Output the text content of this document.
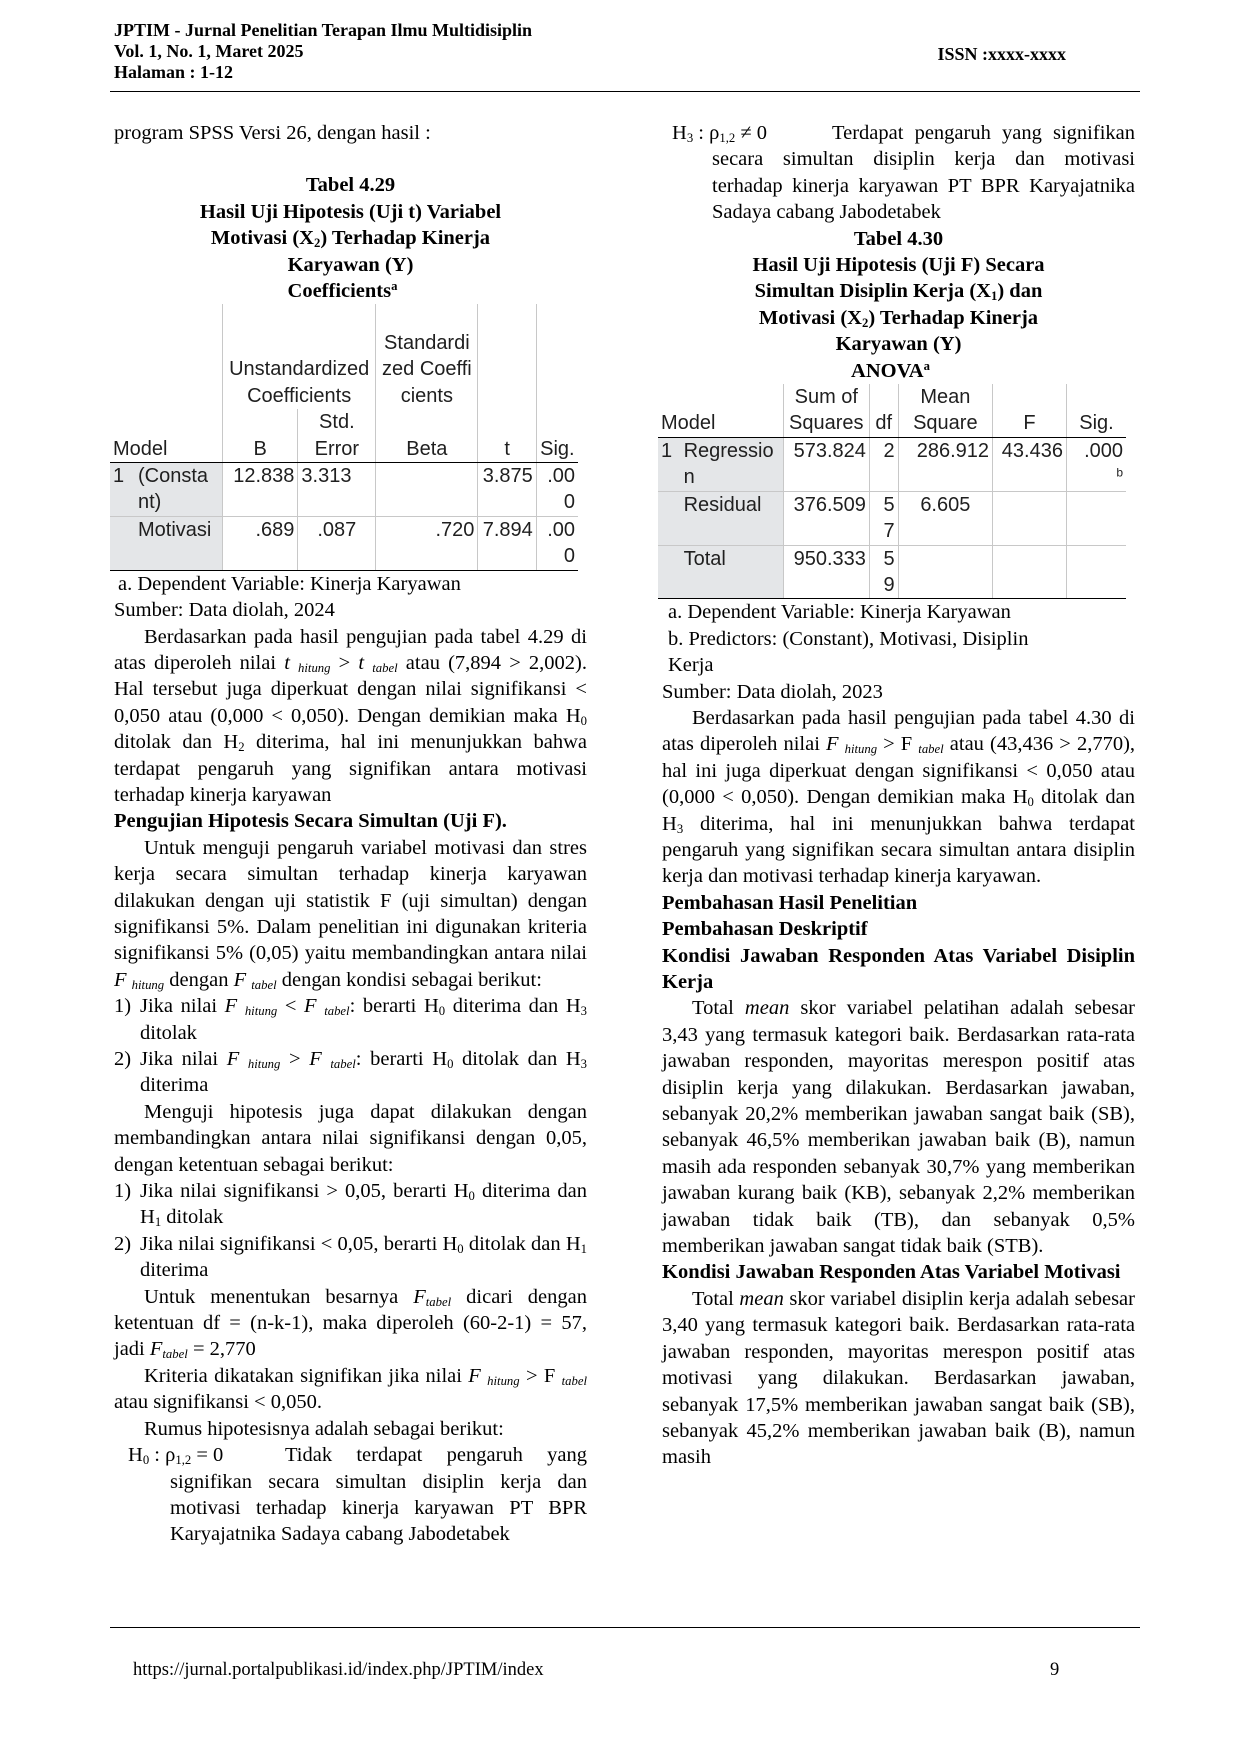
JPTIM - Jurnal Penelitian Terapan Ilmu Multidisiplin
Vol. 1, No. 1, Maret 2025
Halaman : 1-12
ISSN :xxxx-xxxx

program SPSS Versi 26, dengan hasil :

Tabel 4.29

Hasil Uji Hipotesis (Uji t) Variabel

Motivasi $(X_2)$ Terhadap Kinerja

Karyawan (Y)

Coefficients$^a$
		Unstandardized Coefficients		Standardized Coefficients		
Model		B	Std. Error	Beta	t	Sig.
1	(Constant)	12.838	3.313		3.875	.000
	Motivasi	.689	.087	.720	7.894	.000

a. Dependent Variable: Kinerja Karyawan

Sumber: Data diolah, 2024

Berdasarkan pada hasil pengujian pada tabel 4.29 di atas diperoleh nilai t $_{hitung}$ > t $_{tabel}$ atau (7,894 > 2,002). Hal tersebut juga diperkuat dengan nilai signifikansi < 0,050 atau (0,000 < 0,050). Dengan demikian maka $H_0$ ditolak dan $H_2$ diterima, hal ini menunjukkan bahwa terdapat pengaruh yang signifikan antara motivasi terhadap kinerja karyawan

Pengujian Hipotesis Secara Simultan (Uji F).

Untuk menguji pengaruh variabel motivasi dan stres kerja secara simultan terhadap kinerja karyawan dilakukan dengan uji statistik F (uji simultan) dengan signifikansi 5%. Dalam penelitian ini digunakan kriteria signifikansi 5% (0,05) yaitu membandingkan antara nilai F $_{hitung}$ dengan F $_{tabel}$ dengan kondisi sebagai berikut:

1) Jika nilai F $_{hitung}$ < F $_{tabel}$: berarti $H_0$ diterima dan $H_3$ ditolak
2) Jika nilai F $_{hitung}$ > F $_{tabel}$: berarti $H_0$ ditolak dan $H_3$ diterima

Menguji hipotesis juga dapat dilakukan dengan membandingkan antara nilai signifikansi dengan 0,05, dengan ketentuan sebagai berikut:

1) Jika nilai signifikansi > 0,05, berarti $H_0$ diterima dan $H_1$ ditolak
2) Jika nilai signifikansi < 0,05, berarti $H_0$ ditolak dan $H_1$ diterima

Untuk menentukan besarnya $F_{tabel}$ dicari dengan ketentuan df = (n-k-1), maka diperoleh (60-2-1) = 57, jadi $F_{tabel} = 2,770$

Kriteria dikatakan signifikan jika nilai F $_{hitung}$ > F $_{tabel}$ atau signifikansi < 0,050.

Rumus hipotesisnya adalah sebagai berikut:

$H_0$ : $\rho_{1,2} = 0$	Tidak terdapat pengaruh yang signifikan secara simultan disiplin kerja dan motivasi terhadap kinerja karyawan PT BPR Karyajatnika Sadaya cabang Jabodetabek
$H_3$ : $\rho_{1,2} \ne 0$	Terdapat pengaruh yang signifikan secara simultan disiplin kerja dan motivasi terhadap kinerja karyawan PT BPR Karyajatnika Sadaya cabang Jabodetabek

Tabel 4.30

Hasil Uji Hipotesis (Uji F) Secara

Simultan Disiplin Kerja $(X_1)$ dan

Motivasi $(X_2)$ Terhadap Kinerja

Karyawan (Y)

ANOVA$^a$
Model		Sum of Squares	df	Mean Square	F	Sig.
1	Regression	573.824	2	286.912	43.436	.000
$^b$
	Residual	376.509	57	6.605		
	Total	950.333	59			

a. Dependent Variable: Kinerja Karyawan

b. Predictors: (Constant), Motivasi, Disiplin Kerja

Sumber: Data diolah, 2023

Berdasarkan pada hasil pengujian pada tabel 4.30 di atas diperoleh nilai F $_{hitung}$ > F $_{tabel}$ atau (43,436 > 2,770), hal ini juga diperkuat dengan signifikansi < 0,050 atau (0,000 < 0,050). Dengan demikian maka $H_0$ ditolak dan $H_3$ diterima, hal ini menunjukkan bahwa terdapat pengaruh yang signifikan secara simultan antara disiplin kerja dan motivasi terhadap kinerja karyawan.

Pembahasan Hasil Penelitian

Pembahasan Deskriptif

Kondisi Jawaban Responden Atas Variabel Disiplin Kerja

Total mean skor variabel pelatihan adalah sebesar 3,43 yang termasuk kategori baik. Berdasarkan rata-rata jawaban responden, mayoritas merespon positif atas disiplin kerja yang dilakukan. Berdasarkan jawaban, sebanyak 20,2% memberikan jawaban sangat baik (SB), sebanyak 46,5% memberikan jawaban baik (B), namun masih ada responden sebanyak 30,7% yang memberikan jawaban kurang baik (KB), sebanyak 2,2% memberikan jawaban tidak baik (TB), dan sebanyak 0,5% memberikan jawaban sangat tidak baik (STB).

Kondisi Jawaban Responden Atas Variabel Motivasi

Total mean skor variabel disiplin kerja adalah sebesar 3,40 yang termasuk kategori baik. Berdasarkan rata-rata jawaban responden, mayoritas merespon positif atas motivasi yang dilakukan. Berdasarkan jawaban, sebanyak 17,5% memberikan jawaban sangat baik (SB), sebanyak 45,2% memberikan jawaban baik (B), namun masih

https://jurnal.portalpublikasi.id/index.php/JPTIM/index	9
